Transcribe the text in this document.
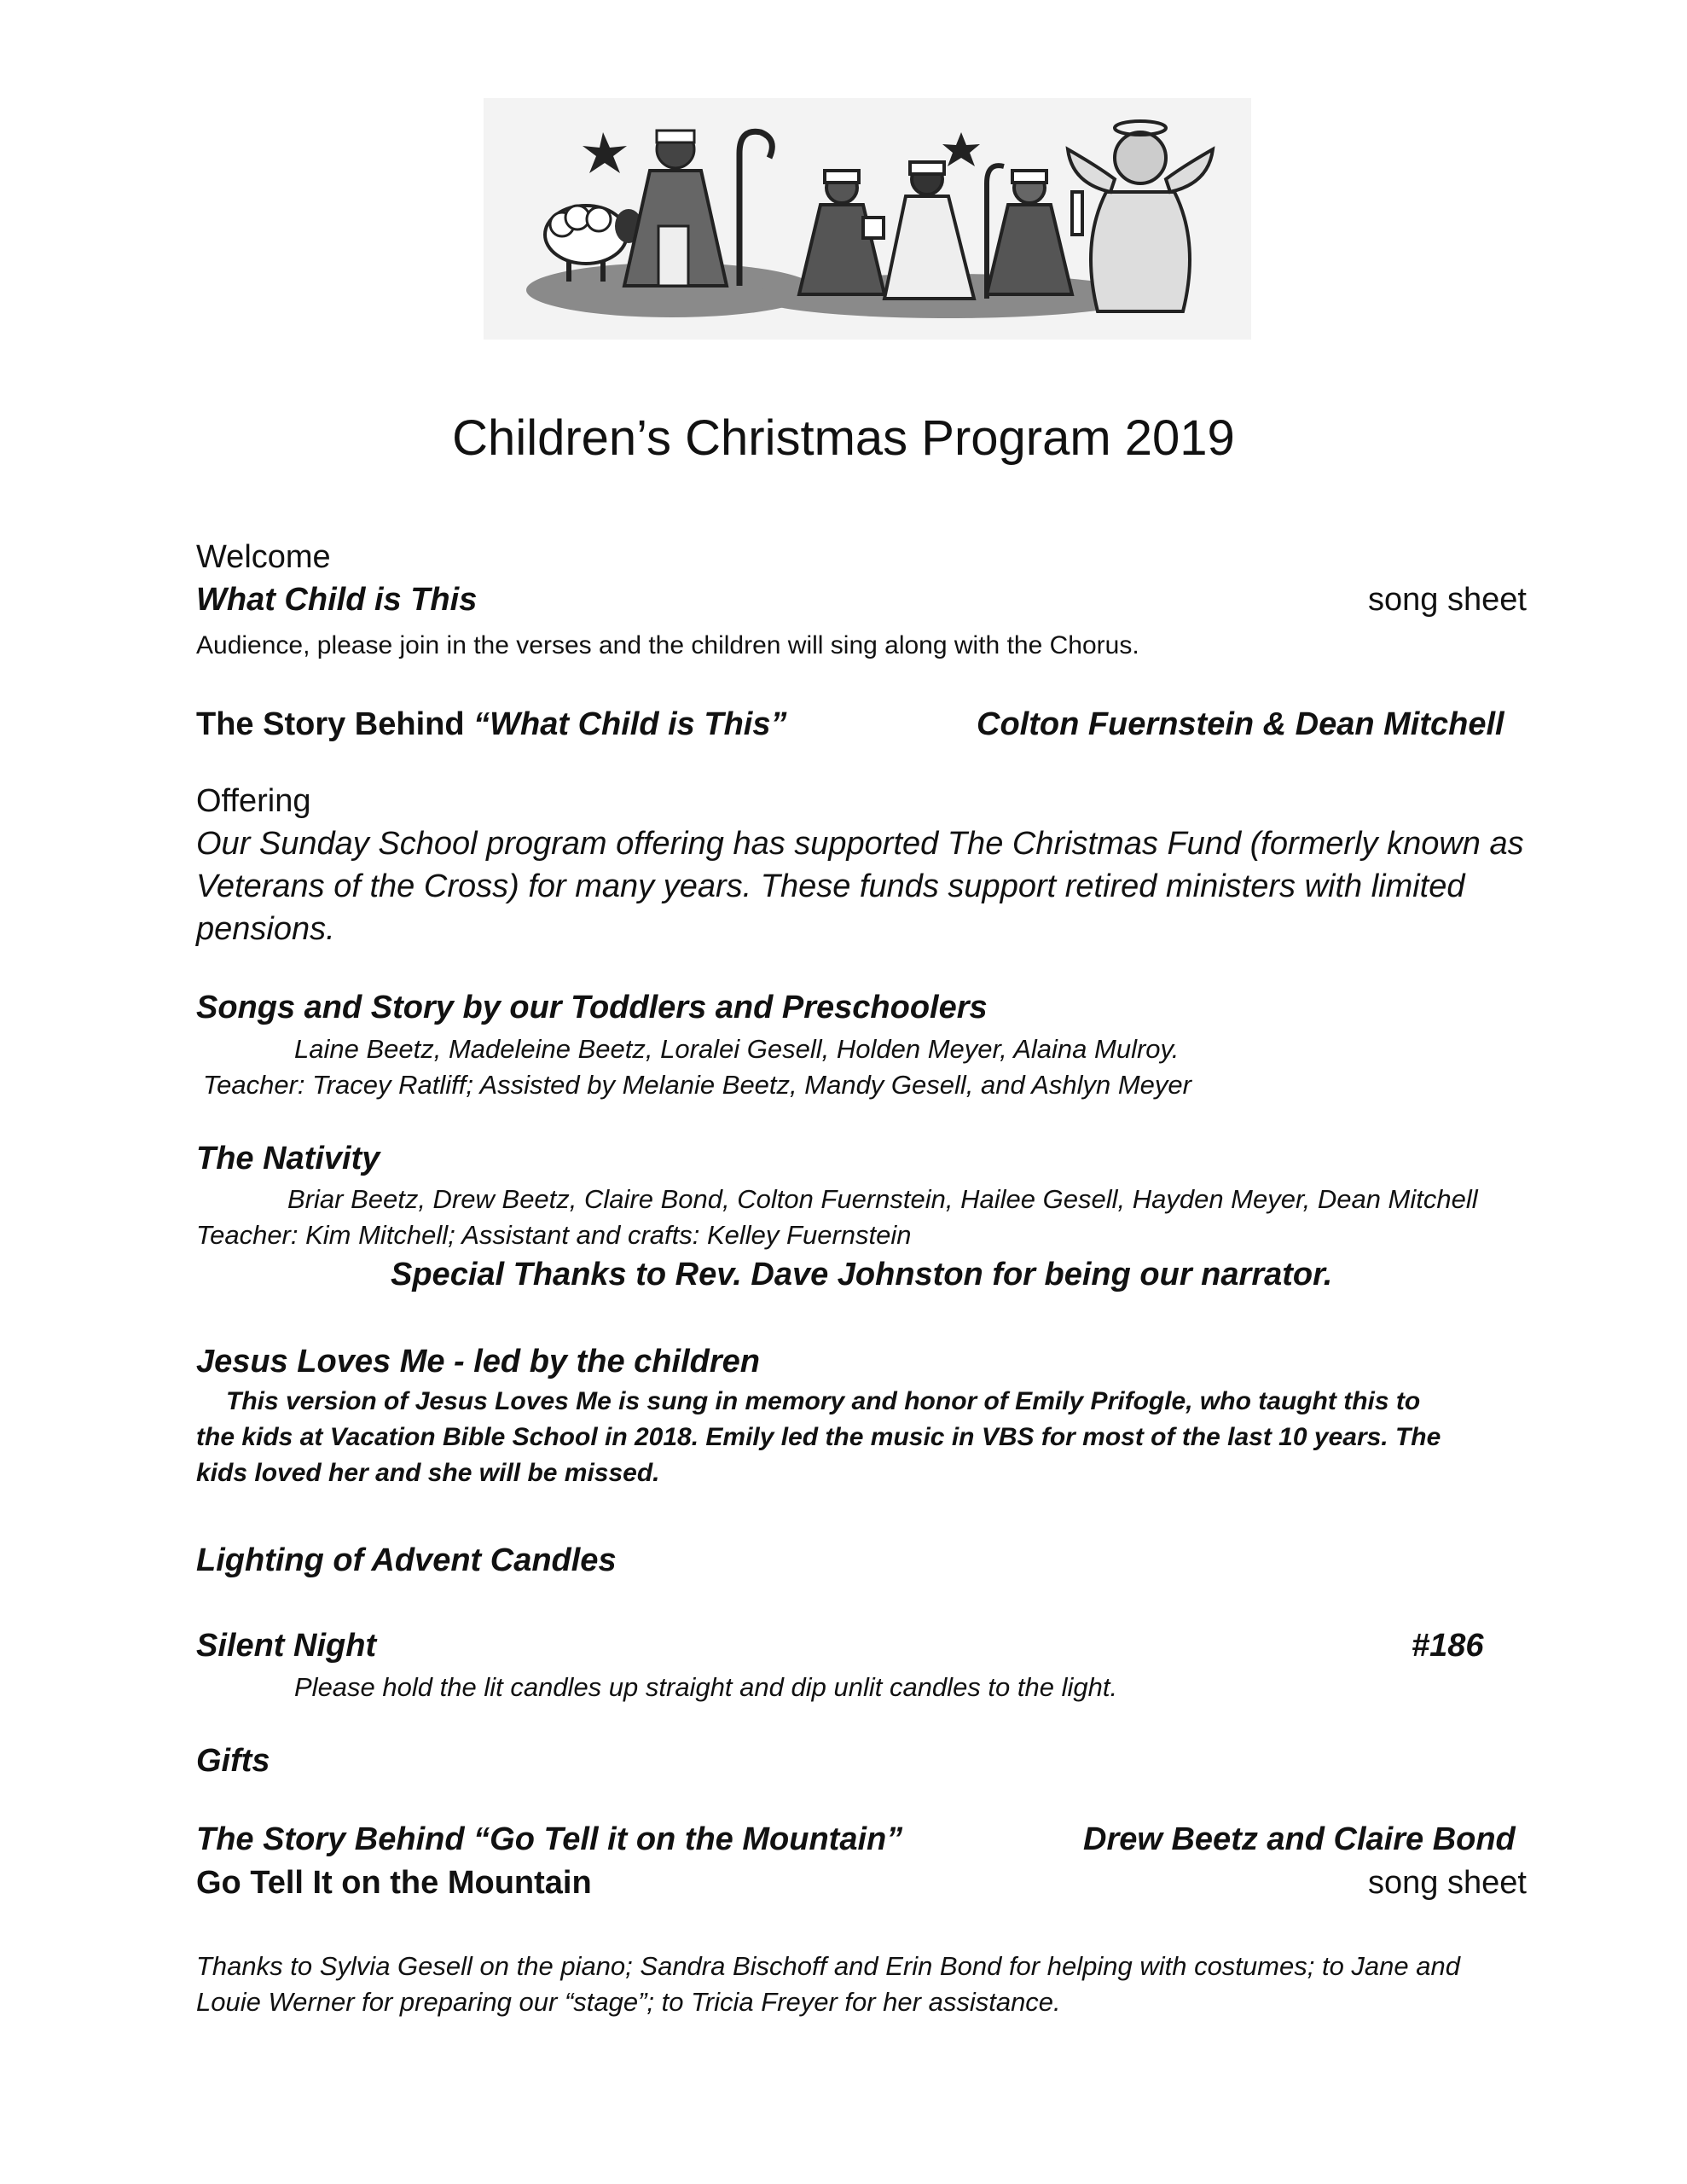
Children’s Christmas Program 2019
Welcome
What Child is This	song sheet
Audience, please join in the verses and the children will sing along with the Chorus.
The Story Behind “What Child is This”	Colton Fuernstein & Dean Mitchell
Offering
Our Sunday School program offering has supported The Christmas Fund (formerly known as
Veterans of the Cross) for many years. These funds support retired ministers with limited
pensions.
Songs and Story by our Toddlers and Preschoolers
Laine Beetz, Madeleine Beetz, Loralei Gesell, Holden Meyer, Alaina Mulroy.
Teacher: Tracey Ratliff; Assisted by Melanie Beetz, Mandy Gesell, and Ashlyn Meyer
The Nativity
Briar Beetz, Drew Beetz, Claire Bond, Colton Fuernstein, Hailee Gesell, Hayden Meyer, Dean Mitchell
Teacher: Kim Mitchell; Assistant and crafts: Kelley Fuernstein
Special Thanks to Rev. Dave Johnston for being our narrator.
Jesus Loves Me - led by the children
This version of Jesus Loves Me is sung in memory and honor of Emily Prifogle, who taught this to
the kids at Vacation Bible School in 2018. Emily led the music in VBS for most of the last 10 years. The
kids loved her and she will be missed.
Lighting of Advent Candles
Silent Night	#186
Please hold the lit candles up straight and dip unlit candles to the light.
Gifts
The Story Behind “Go Tell it on the Mountain”	Drew Beetz and Claire Bond
Go Tell It on the Mountain	song sheet
Thanks to Sylvia Gesell on the piano; Sandra Bischoff and Erin Bond for helping with costumes; to Jane and
Louie Werner for preparing our “stage”; to Tricia Freyer for her assistance.
